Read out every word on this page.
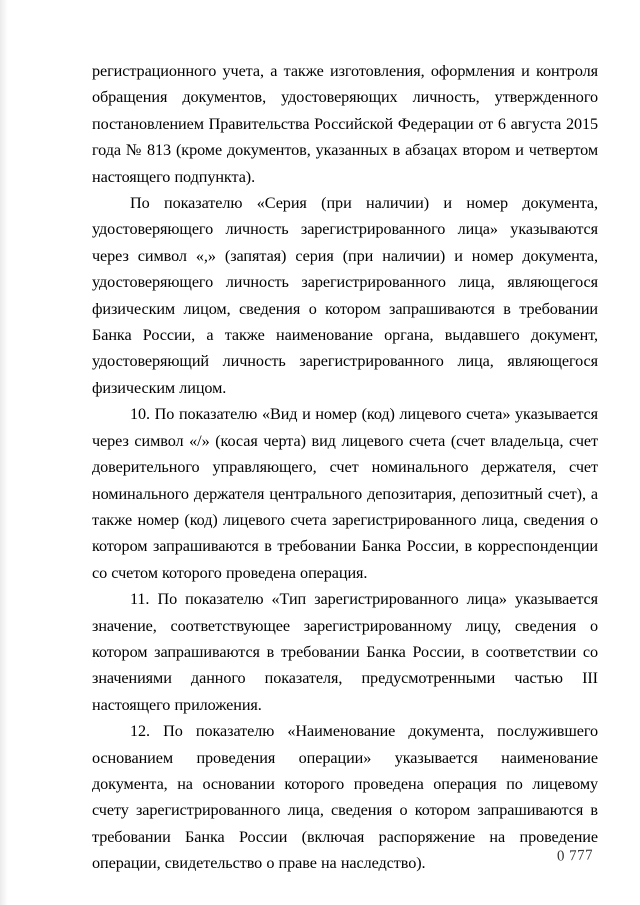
регистрационного учета, а также изготовления, оформления и контроля обращения документов, удостоверяющих личность, утвержденного постановлением Правительства Российской Федерации от 6 августа 2015 года № 813 (кроме документов, указанных в абзацах втором и четвертом настоящего подпункта).

По показателю «Серия (при наличии) и номер документа, удостоверяющего личность зарегистрированного лица» указываются через символ «,» (запятая) серия (при наличии) и номер документа, удостоверяющего личность зарегистрированного лица, являющегося физическим лицом, сведения о котором запрашиваются в требовании Банка России, а также наименование органа, выдавшего документ, удостоверяющий личность зарегистрированного лица, являющегося физическим лицом.

10. По показателю «Вид и номер (код) лицевого счета» указывается через символ «/» (косая черта) вид лицевого счета (счет владельца, счет доверительного управляющего, счет номинального держателя, счет номинального держателя центрального депозитария, депозитный счет), а также номер (код) лицевого счета зарегистрированного лица, сведения о котором запрашиваются в требовании Банка России, в корреспонденции со счетом которого проведена операция.

11. По показателю «Тип зарегистрированного лица» указывается значение, соответствующее зарегистрированному лицу, сведения о котором запрашиваются в требовании Банка России, в соответствии со значениями данного показателя, предусмотренными частью III настоящего приложения.

12. По показателю «Наименование документа, послужившего основанием проведения операции» указывается наименование документа, на основании которого проведена операция по лицевому счету зарегистрированного лица, сведения о котором запрашиваются в требовании Банка России (включая распоряжение на проведение операции, свидетельство о праве на наследство).	0 777
